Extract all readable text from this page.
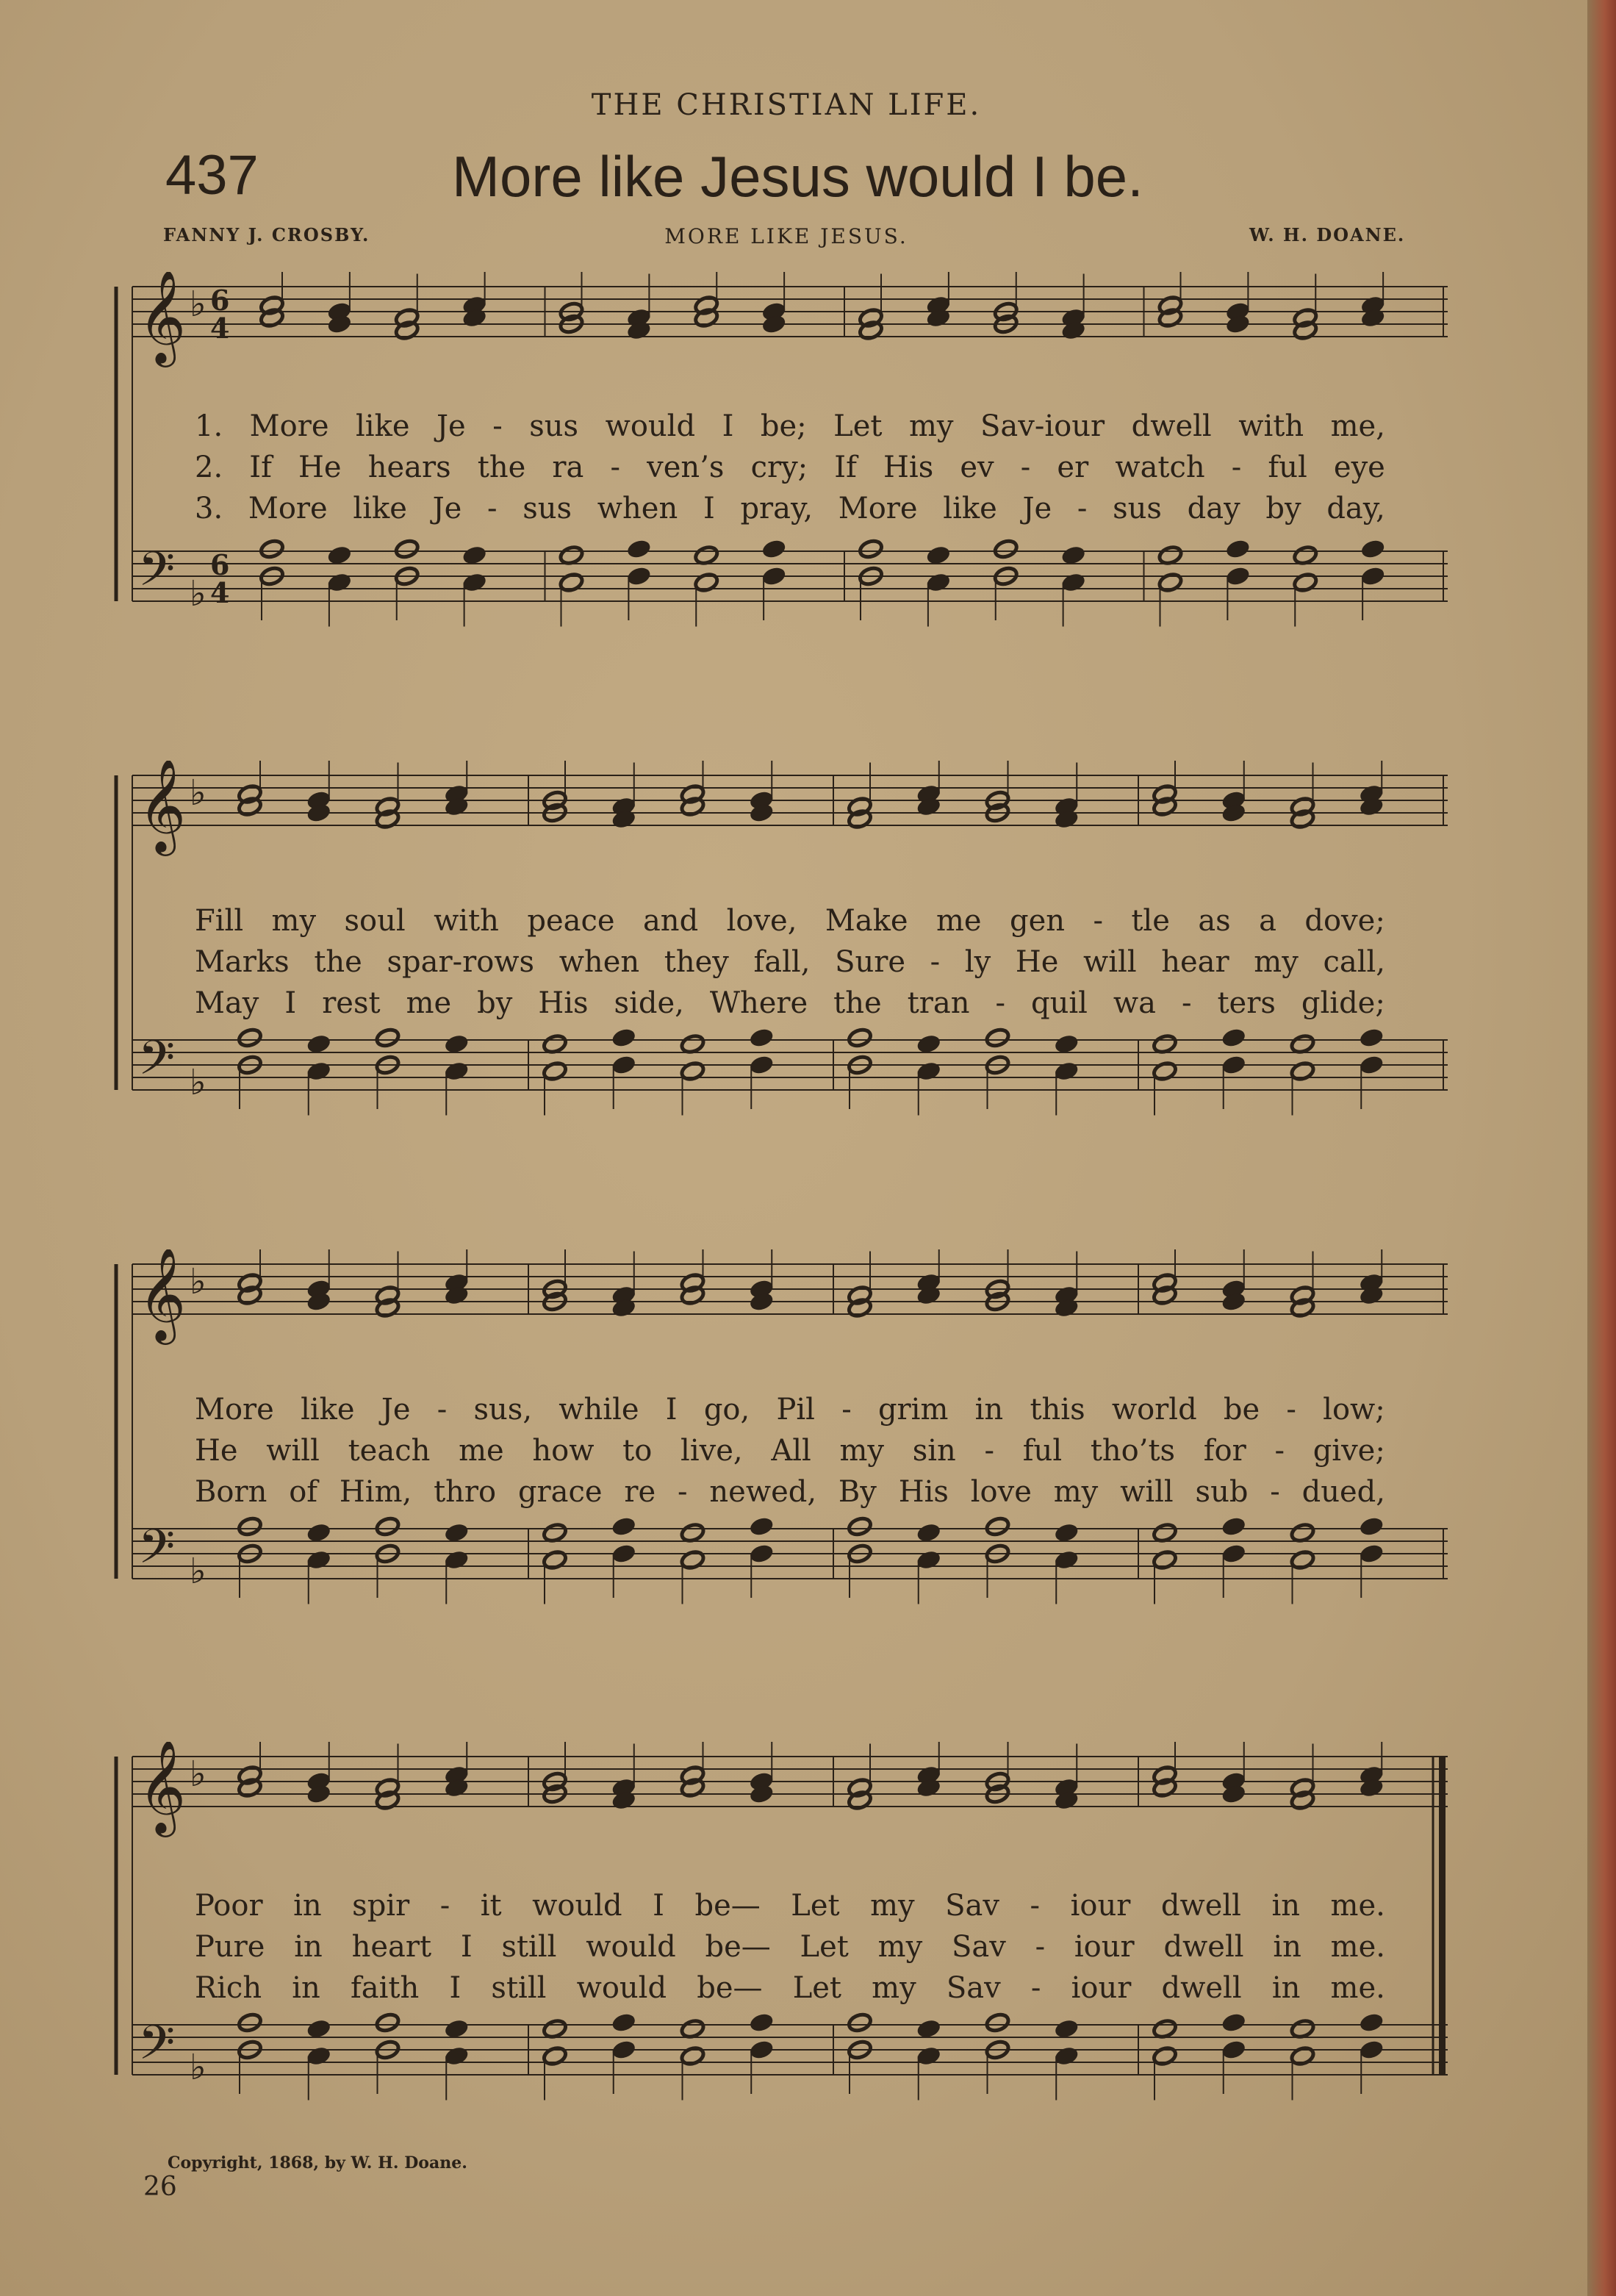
THE CHRISTIAN LIFE.
437	More like Jesus would I be.
FANNY J. CROSBY.	MORE LIKE JESUS.	W. H. DOANE.
𝄞
𝄢
♭
♭
6
4
6
4
1. More like Je - sus would I be; Let my Sav-iour dwell with me,
2. If He hears the ra - ven’s cry; If His ev - er watch - ful eye
3. More like Je - sus when I pray, More like Je - sus day by day,
𝄞
𝄢
♭
♭
Fill my soul with peace and love, Make me gen - tle as a dove;
Marks the spar-rows when they fall, Sure - ly He will hear my call,
May I rest me by His side, Where the tran - quil wa - ters glide;
𝄞
𝄢
♭
♭
More like Je - sus, while I go, Pil - grim in this world be - low;
He will teach me how to live, All my sin - ful tho’ts for - give;
Born of Him, thro grace re - newed, By His love my will sub - dued,
𝄞
𝄢
♭
♭
Poor in spir - it would I be— Let my Sav - iour dwell in me.
Pure in heart I still would be— Let my Sav - iour dwell in me.
Rich in faith I still would be— Let my Sav - iour dwell in me.
Copyright, 1868, by W. H. Doane.
26
